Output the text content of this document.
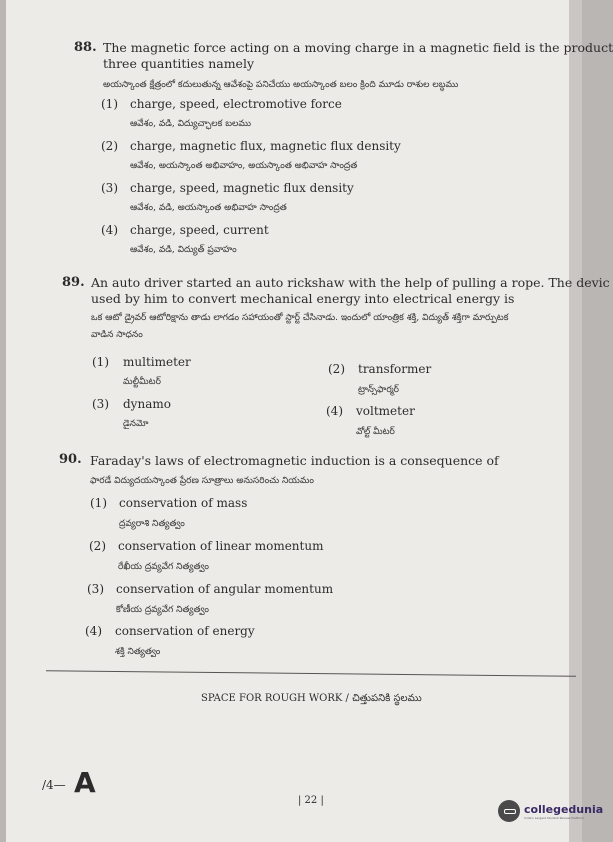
88. The magnetic force acting on a moving charge in a magnetic field is the product
three quantities namely
అయస్కాంత క్షేత్రంలో కదులుతున్న ఆవేశంపై పనిచేయు అయస్కాంత బలం క్రింది మూడు రాశుల లబ్ధము
(1) charge, speed, electromotive force
ఆవేశం, వడి, విద్యుచ్ఛాలక బలము
(2) charge, magnetic flux, magnetic flux density
ఆవేశం, అయస్కాంత అభివాహం, అయస్కాంత అభివాహ సాంద్రత
(3) charge, speed, magnetic flux density
ఆవేశం, వడి, అయస్కాంత అభివాహ సాంద్రత
(4) charge, speed, current
ఆవేశం, వడి, విద్యుత్ ప్రవాహం
89. An auto driver started an auto rickshaw with the help of pulling a rope. The devic
used by him to convert mechanical energy into electrical energy is
ఒక ఆటో డ్రైవర్ ఆటోరిక్షాను తాడు లాగడం సహాయంతో స్టార్ట్ చేసినాడు. ఇందులో యాంత్రిక శక్తి, విద్యుత్ శక్తిగా మార్పుటక
వాడిన సాధనం
(1) multimeter
మల్టీమీటర్
(2) transformer
ట్రాన్స్‌ఫార్మర్
(3) dynamo
డైనమో
(4) voltmeter
వోల్ట్ మీటర్
90. Faraday's laws of electromagnetic induction is a consequence of
ఫారడే విద్యుదయస్కాంత ప్రేరణ సూత్రాలు అనుసరించు నియమం
(1) conservation of mass
ద్రవ్యరాశి నిత్యత్వం
(2) conservation of linear momentum
రేఖీయ ద్రవ్యవేగ నిత్యత్వం
(3) conservation of angular momentum
కోణీయ ద్రవ్యవేగ నిత్యత్వం
(4) conservation of energy
శక్తి నిత్యత్వం
SPACE FOR ROUGH WORK / చిత్తుపనికి స్థలము
/4— A
| 22 |
collegedunia
India's Largest Student Review Platform
